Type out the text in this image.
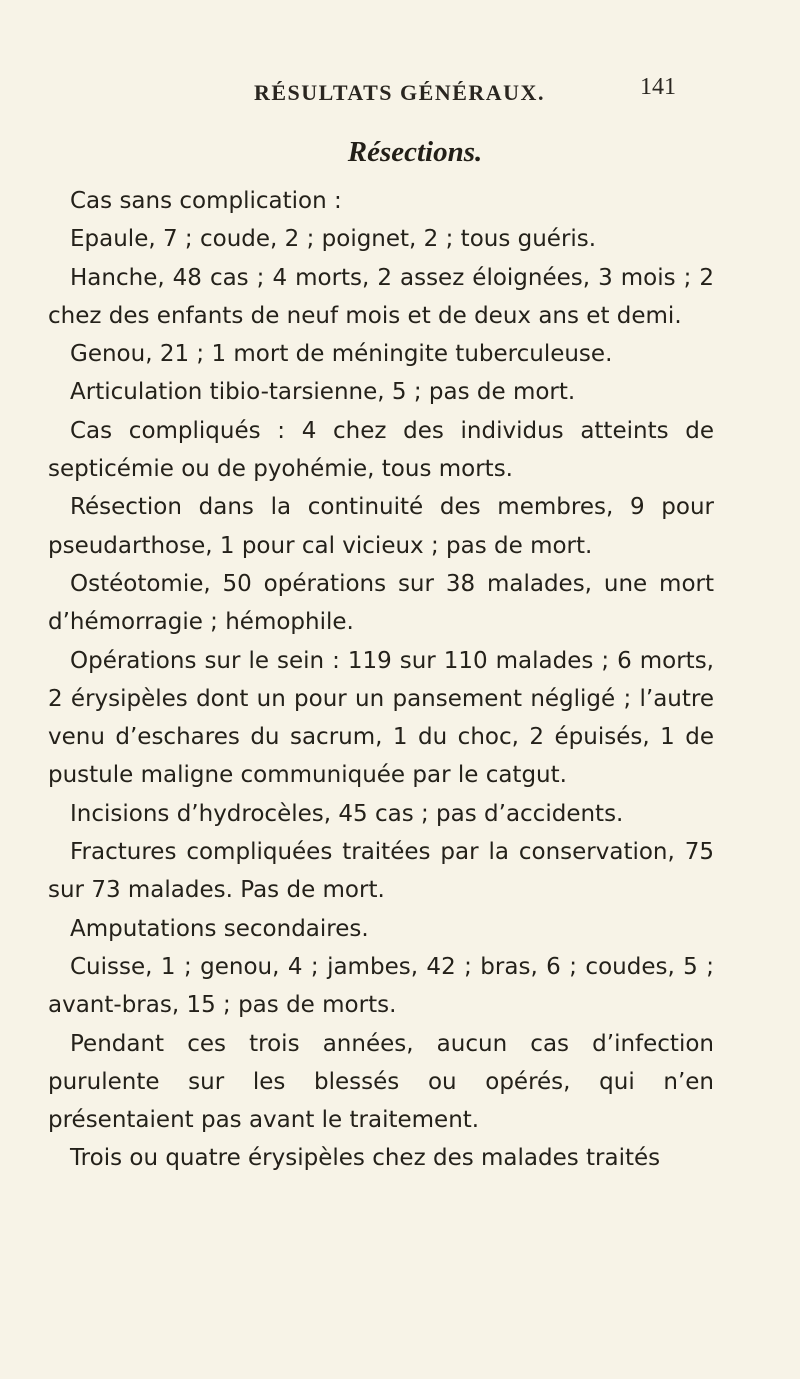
RÉSULTATS GÉNÉRAUX.	141
Résections.

Cas sans complication :

Epaule, 7 ; coude, 2 ; poignet, 2 ; tous guéris.

Hanche, 48 cas ; 4 morts, 2 assez éloignées, 3 mois ; 2 chez des enfants de neuf mois et de deux ans et demi.

Genou, 21 ; 1 mort de méningite tuberculeuse.

Articulation tibio-tarsienne, 5 ; pas de mort.

Cas compliqués : 4 chez des individus atteints de septicémie ou de pyohémie, tous morts.

Résection dans la continuité des membres, 9 pour pseudarthose, 1 pour cal vicieux ; pas de mort.

Ostéotomie, 50 opérations sur 38 malades, une mort d’hémorragie ; hémophile.

Opérations sur le sein : 119 sur 110 malades ; 6 morts, 2 érysipèles dont un pour un pansement négligé ; l’autre venu d’eschares du sacrum, 1 du choc, 2 épuisés, 1 de pustule maligne communiquée par le catgut.

Incisions d’hydrocèles, 45 cas ; pas d’accidents.

Fractures compliquées traitées par la conservation, 75 sur 73 malades. Pas de mort.

Amputations secondaires.

Cuisse, 1 ; genou, 4 ; jambes, 42 ; bras, 6 ; coudes, 5 ; avant-bras, 15 ; pas de morts.

Pendant ces trois années, aucun cas d’infection purulente sur les blessés ou opérés, qui n’en présentaient pas avant le traitement.

Trois ou quatre érysipèles chez des malades traités
